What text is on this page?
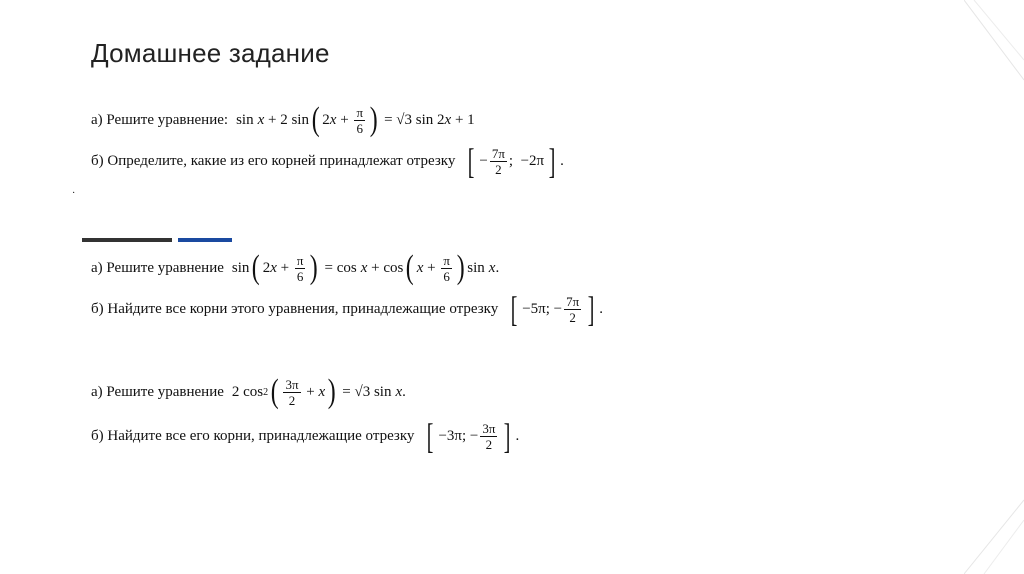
Домашнее задание
а) Решите уравнение: sin x + 2 sin ( 2 $x + \frac{\pi}{6}$ ) = √3 sin 2 x + 1
б) Определите, какие из его корней принадлежат отрезку [ − $\frac{7\pi}{2}$ ;  −2π ] .
·
а) Решите уравнение sin ( 2 $x + \frac{\pi}{6}$ ) = cos x + cos ( $x + \frac{\pi}{6}$ ) sin x .
б) Найдите все корни этого уравнения, принадлежащие отрезку [ −5π; − $\frac{7\pi}{2}$ ] .
а) Решите уравнение 2 cos 2 ( $\frac{3\pi}{2} + x$ ) = √3 sin x .
б) Найдите все его корни, принадлежащие отрезку [ −3π; − $\frac{3\pi}{2}$ ] .
